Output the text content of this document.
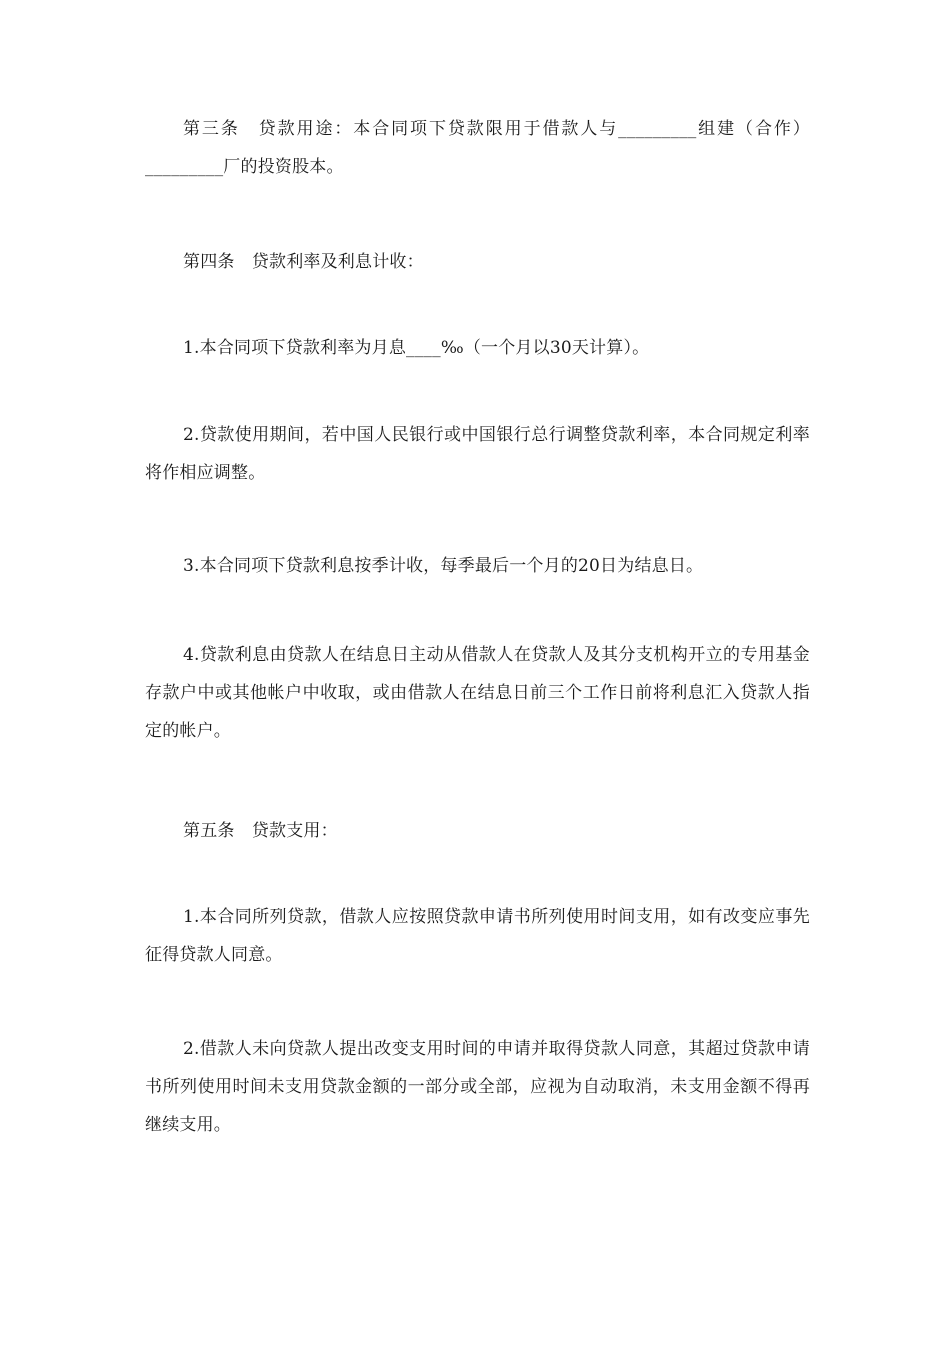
第三条　贷款用途：本合同项下贷款限用于借款人与_________组建（合作）_________厂的投资股本。

第四条　贷款利率及利息计收：

1.本合同项下贷款利率为月息____‰（一个月以30天计算）。

2.贷款使用期间，若中国人民银行或中国银行总行调整贷款利率，本合同规定利率将作相应调整。

3.本合同项下贷款利息按季计收，每季最后一个月的20日为结息日。

4.贷款利息由贷款人在结息日主动从借款人在贷款人及其分支机构开立的专用基金存款户中或其他帐户中收取，或由借款人在结息日前三个工作日前将利息汇入贷款人指定的帐户。

第五条　贷款支用：

1.本合同所列贷款，借款人应按照贷款申请书所列使用时间支用，如有改变应事先征得贷款人同意。

2.借款人未向贷款人提出改变支用时间的申请并取得贷款人同意，其超过贷款申请书所列使用时间未支用贷款金额的一部分或全部，应视为自动取消，未支用金额不得再继续支用。
